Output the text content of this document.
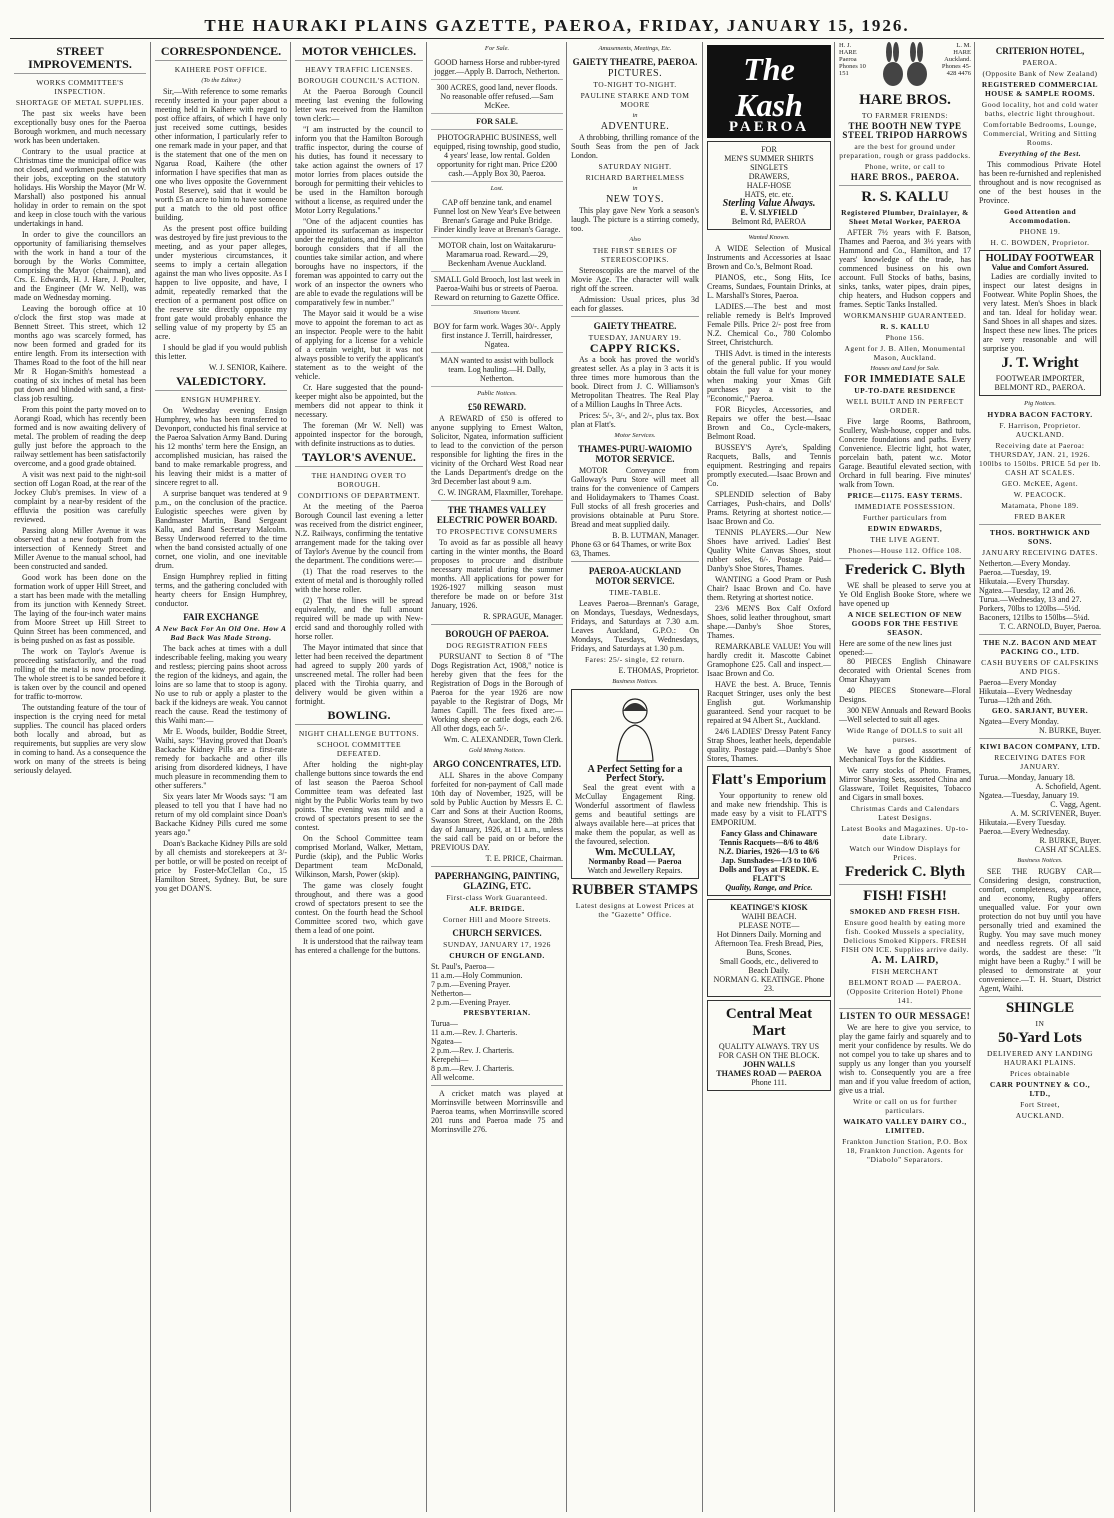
THE HAURAKI PLAINS GAZETTE, PAEROA, FRIDAY, JANUARY 15, 1926.
STREET IMPROVEMENTS.
WORKS COMMITTEE'S INSPECTION.
SHORTAGE OF METAL SUPPLIES.

The past six weeks have been exceptionally busy ones for the Paeroa Borough workmen, and much necessary work has been undertaken.

Contrary to the usual practice at Christmas time the municipal office was not closed, and workmen pushed on with their jobs, excepting on the statutory holidays. His Worship the Mayor (Mr W. Marshall) also postponed his annual holiday in order to remain on the spot and keep in close touch with the various undertakings in hand.

In order to give the councillors an opportunity of familiarising themselves with the work in hand a tour of the borough by the Works Committee, comprising the Mayor (chairman), and Crs. E. Edwards, H. J. Hare, J. Poulter, and the Engineer (Mr W. Nell), was made on Wednesday morning.

Leaving the borough office at 10 o'clock the first stop was made at Bennett Street. This street, which 12 months ago was scarcely formed, has now been formed and graded for its entire length. From its intersection with Thames Road to the foot of the hill near Mr R Hogan-Smith's homestead a coating of six inches of metal has been put down and blinded with sand, a first-class job resulting.

From this point the party moved on to Aorangi Road, which has recently been formed and is now awaiting delivery of metal. The problem of reading the deep gully just before the approach to the railway settlement has been satisfactorily overcome, and a good grade obtained.

A visit was next paid to the night-soil section off Logan Road, at the rear of the Jockey Club's premises. In view of a complaint by a near-by resident of the effluvia the position was carefully reviewed.

Passing along Miller Avenue it was observed that a new footpath from the intersection of Kennedy Street and Miller Avenue to the manual school, had been constructed and sanded.

Good work has been done on the formation work of upper Hill Street, and a start has been made with the metalling from its junction with Kennedy Street. The laying of the four-inch water mains from Moore Street up Hill Street to Quinn Street has been commenced, and is being pushed on as fast as possible.

The work on Taylor's Avenue is proceeding satisfactorily, and the road rolling of the metal is now proceeding. The whole street is to be sanded before it is taken over by the council and opened for traffic to-morrow.

The outstanding feature of the tour of inspection is the crying need for metal supplies. The council has placed orders both locally and abroad, but as requirements, but supplies are very slow in coming to hand. As a consequence the work on many of the streets is being seriously delayed.

CORRESPONDENCE.
KAIHERE POST OFFICE.
(To the Editor.)

Sir,—With reference to some remarks recently inserted in your paper about a meeting held in Kaihere with regard to post office affairs, of which I have only just received some cuttings, besides other information, I particularly refer to one remark made in your paper, and that is the statement that one of the men on Ngarua Road, Kaihere (the other information I have specifies that man as one who lives opposite the Government Postal Reserve), said that it would be worth £5 an acre to him to have someone put a match to the old post office building.

As the present post office building was destroyed by fire just previous to the meeting, and as your paper alleges, under mysterious circumstances, it seems to imply a certain allegation against the man who lives opposite. As I happen to live opposite, and have, I admit, repeatedly remarked that the erection of a permanent post office on the reserve site directly opposite my front gate would probably enhance the selling value of my property by £5 an acre.

I should be glad if you would publish this letter.

W. J. SENIOR, Kaihere.
VALEDICTORY.
ENSIGN HUMPHREY.

On Wednesday evening Ensign Humphrey, who has been transferred to Devonport, conducted his final service at the Paeroa Salvation Army Band. During his 12 months' term here the Ensign, an accomplished musician, has raised the band to make remarkable progress, and his leaving their midst is a matter of sincere regret to all.

A surprise banquet was tendered at 9 p.m., on the conclusion of the practice. Eulogistic speeches were given by Bandmaster Martin, Band Sergeant Kallu, and Band Secretary Malcolm. Bessy Underwood referred to the time when the band consisted actually of one cornet, one violin, and one inevitable drum.

Ensign Humphrey replied in fitting terms, and the gathering concluded with hearty cheers for Ensign Humphrey, conductor.

FAIR EXCHANGE
A New Back For An Old One. How A Bad Back Was Made Strong.

The back aches at times with a dull indescribable feeling, making you weary and restless; piercing pains shoot across the region of the kidneys, and again, the loins are so lame that to stoop is agony. No use to rub or apply a plaster to the back if the kidneys are weak. You cannot reach the cause. Read the testimony of this Waihi man:—

Mr E. Woods, builder, Boddie Street, Waihi, says: "Having proved that Doan's Backache Kidney Pills are a first-rate remedy for backache and other ills arising from disordered kidneys, I have much pleasure in recommending them to other sufferers."

Six years later Mr Woods says: "I am pleased to tell you that I have had no return of my old complaint since Doan's Backache Kidney Pills cured me some years ago."

Doan's Backache Kidney Pills are sold by all chemists and storekeepers at 3/- per bottle, or will be posted on receipt of price by Foster-McClellan Co., 15 Hamilton Street, Sydney. But, be sure you get DOAN'S.

MOTOR VEHICLES.
HEAVY TRAFFIC LICENSES.
BOROUGH COUNCIL'S ACTION.

At the Paeroa Borough Council meeting last evening the following letter was received from the Hamilton town clerk:—

"I am instructed by the council to inform you that the Hamilton Borough traffic inspector, during the course of his duties, has found it necessary to take action against the owners of 17 motor lorries from places outside the borough for permitting their vehicles to be used in the Hamilton borough without a license, as required under the Motor Lorry Regulations."

"One of the adjacent counties has appointed its surfaceman as inspector under the regulations, and the Hamilton borough considers that if all the counties take similar action, and where boroughs have no inspectors, if the foreman was appointed to carry out the work of an inspector the owners who are able to evade the regulations will be comparatively few in number."

The Mayor said it would be a wise move to appoint the foreman to act as an inspector. People were to the habit of applying for a license for a vehicle of a certain weight, but it was not always possible to verify the applicant's statement as to the weight of the vehicle.

Cr. Hare suggested that the pound-keeper might also be appointed, but the members did not appear to think it necessary.

The foreman (Mr W. Nell) was appointed inspector for the borough, with definite instructions as to duties.

TAYLOR'S AVENUE.
THE HANDING OVER TO BOROUGH.
CONDITIONS OF DEPARTMENT.

At the meeting of the Paeroa Borough Council last evening a letter was received from the district engineer, N.Z. Railways, confirming the tentative arrangement made for the taking over of Taylor's Avenue by the council from the department. The conditions were:—

(1) That the road reserves to the extent of metal and is thoroughly rolled with the horse roller.

(2) That the lines will be spread equivalently, and the full amount required will be made up with New-ercid sand and thoroughly rolled with horse roller.

The Mayor intimated that since that letter had been received the department had agreed to supply 200 yards of unscreened metal. The roller had been placed with the Tirohia quarry, and delivery would be given within a fortnight.

BOWLING.
NIGHT CHALLENGE BUTTONS.
SCHOOL COMMITTEE DEFEATED.

After holding the night-play challenge buttons since towards the end of last season the Paeroa School Committee team was defeated last night by the Public Works team by two points. The evening was mild and a crowd of spectators present to see the contest.

On the School Committee team comprised Morland, Walker, Mettam, Purdie (skip), and the Public Works Department team McDonald, Wilkinson, Marsh, Power (skip).

The game was closely fought throughout, and there was a good crowd of spectators present to see the contest. On the fourth head the School Committee scored two, which gave them a lead of one point.

It is understood that the railway team has entered a challenge for the buttons.

For Sale.
GOOD harness Horse and rubber-tyred jogger.—Apply B. Darroch, Netherton.
300 ACRES, good land, never floods. No reasonable offer refused.—Sam McKee.
FOR SALE.
PHOTOGRAPHIC BUSINESS, well equipped, rising township, good studio, 4 years' lease, low rental. Golden opportunity for right man. Price £200 cash.—Apply Box 30, Paeroa.
Lost.
CAP off benzine tank, and enamel Funnel lost on New Year's Eve between Brenan's Garage and Puke Bridge. Finder kindly leave at Brenan's Garage.
MOTOR chain, lost on Waitakaruru-Maramarua road. Reward.—29, Beckenham Avenue Auckland.
SMALL Gold Brooch, lost last week in Paeroa-Waihi bus or streets of Paeroa. Reward on returning to Gazette Office.
Situations Vacant.
BOY for farm work. Wages 30/-. Apply first instance J. Terrill, hairdresser, Ngatea.
MAN wanted to assist with bullock team. Log hauling.—H. Dally, Netherton.
Public Notices.
£50 REWARD.

A REWARD of £50 is offered to anyone supplying to Ernest Walton, Solicitor, Ngatea, information sufficient to lead to the conviction of the person responsible for lighting the fires in the vicinity of the Orchard West Road near the Lands Department's dredge on the 3rd December last about 9 a.m.

C. W. INGRAM, Flaxmiller, Torehape.
THE THAMES VALLEY ELECTRIC POWER BOARD.
TO PROSPECTIVE CONSUMERS

To avoid as far as possible all heavy carting in the winter months, the Board proposes to procure and distribute necessary material during the summer months. All applications for power for 1926-1927 milking season must therefore be made on or before 31st January, 1926.

R. SPRAGUE, Manager.
BOROUGH OF PAEROA.
DOG REGISTRATION FEES

PURSUANT to Section 8 of "The Dogs Registration Act, 1908," notice is hereby given that the fees for the Registration of Dogs in the Borough of Paeroa for the year 1926 are now payable to the Registrar of Dogs, Mr James Capill. The fees fixed are:— Working sheep or cattle dogs, each 2/6. All other dogs, each 5/-.

Wm. C. ALEXANDER, Town Clerk.
Gold Mining Notices.
ARGO CONCENTRATES, LTD.

ALL Shares in the above Company forfeited for non-payment of Call made 10th day of November, 1925, will be sold by Public Auction by Messrs E. C. Carr and Sons at their Auction Rooms, Swanson Street, Auckland, on the 28th day of January, 1926, at 11 a.m., unless the said call be paid on or before the PREVIOUS DAY.

T. E. PRICE, Chairman.
PAPERHANGING, PAINTING, GLAZING, ETC.
First-class Work Guaranteed.
ALF. BRIDGE.
Corner Hill and Moore Streets.
CHURCH SERVICES.
SUNDAY, JANUARY 17, 1926
CHURCH OF ENGLAND.
St. Paul's, Paeroa—
11 a.m.—Holy Communion.
7 p.m.—Evening Prayer.
Netherton—
2 p.m.—Evening Prayer.
PRESBYTERIAN.
Turua—
11 a.m.—Rev. J. Charteris.
Ngatea—
2 p.m.—Rev. J. Charteris.
Kerepehi—
8 p.m.—Rev. J. Charteris.
All welcome.

A cricket match was played at Morrinsville between Morrinsville and Paeroa teams, when Morrinsville scored 201 runs and Paeroa made 75 and Morrinsville 276.

Amusements, Meetings, Etc.
GAIETY THEATRE, PAEROA.
PICTURES.
TO-NIGHT TO-NIGHT.
PAULINE STARKE AND TOM MOORE
in
ADVENTURE.

A throbbing, thrilling romance of the South Seas from the pen of Jack London.

SATURDAY NIGHT.
RICHARD BARTHELMESS
in
NEW TOYS.

This play gave New York a season's laugh. The picture is a stirring comedy, too.

Also
THE FIRST SERIES OF STEREOSCOPIKS.

Stereoscopiks are the marvel of the Movie Age. The character will walk right off the screen.

Admission: Usual prices, plus 3d each for glasses.

GAIETY THEATRE.
TUESDAY, JANUARY 19.
CAPPY RICKS.

As a book has proved the world's greatest seller. As a play in 3 acts it is three times more humorous than the book. Direct from J. C. Williamson's Metropolitan Theatres. The Real Play of a Million Laughs In Three Acts.

Prices: 5/-, 3/-, and 2/-, plus tax. Box plan at Flatt's.

Motor Services.
THAMES-PURU-WAIOMIO MOTOR SERVICE.

MOTOR Conveyance from Galloway's Puru Store will meet all trains for the convenience of Campers and Holidaymakers to Thames Coast. Full stocks of all fresh groceries and provisions obtainable at Puru Store. Bread and meat supplied daily.

B. B. LUTMAN, Manager.
Phone 63 or 64 Thames, or write Box 63, Thames.
PAEROA-AUCKLAND MOTOR SERVICE.
TIME-TABLE.

Leaves Paeroa—Brennan's Garage, on Mondays, Tuesdays, Wednesdays, Fridays, and Saturdays at 7.30 a.m. Leaves Auckland, G.P.O.: On Mondays, Tuesdays, Wednesdays, Fridays, and Saturdays at 1.30 p.m.

Fares: 25/- single, £2 return.
E. THOMAS, Proprietor.
Business Notices.
A Perfect Setting for a Perfect Story.

Seal the great event with a McCullay Engagement Ring. Wonderful assortment of flawless gems and beautiful settings are always available here—at prices that make them the popular, as well as the favoured, selection.

Wm. McCULLAY,
Normanby Road — Paeroa
Watch and Jewellery Repairs.
RUBBER STAMPS
Latest designs at Lowest Prices at the "Gazette" Office.
The Kash
PAEROA
FOR
MEN'S SUMMER SHIRTS
SINGLETS
DRAWERS,
HALF-HOSE
HATS, etc. etc.
Sterling Value Always.
E. V. SLYFIELD
Belmont Rd, PAEROA
Wanted Known.

A WIDE Selection of Musical Instruments and Accessories at Isaac Brown and Co.'s, Belmont Road.

PIANOS, etc., Song Hits, Ice Creams, Sundaes, Fountain Drinks, at L. Marshall's Stores, Paeroa.

LADIES.—The best and most reliable remedy is Belt's Improved Female Pills. Price 2/- post free from N.Z. Chemical Co., 780 Colombo Street, Christchurch.

THIS Advt. is timed in the interests of the general public. If you would obtain the full value for your money when making your Xmas Gift purchases pay a visit to the "Economic," Paeroa.

FOR Bicycles, Accessories, and Repairs we offer the best.—Isaac Brown and Co., Cycle-makers, Belmont Road.

BUSSEY'S Ayre's, Spalding Racquets, Balls, and Tennis equipment. Restringing and repairs promptly executed.—Isaac Brown and Co.

SPLENDID selection of Baby Carriages, Push-chairs, and Dolls' Prams. Retyring at shortest notice.—Isaac Brown and Co.

TENNIS PLAYERS.—Our New Shoes have arrived. Ladies' Best Quality White Canvas Shoes, stout rubber soles, 6/-. Postage Paid—Danby's Shoe Stores, Thames.

WANTING a Good Pram or Push Chair? Isaac Brown and Co. have them. Retyring at shortest notice.

23/6 MEN'S Box Calf Oxford Shoes, solid leather throughout, smart shape.—Danby's Shoe Stores, Thames.

REMARKABLE VALUE! You will hardly credit it. Mascotte Cabinet Gramophone £25. Call and inspect.—Isaac Brown and Co.

HAVE the best. A. Bruce, Tennis Racquet Stringer, uses only the best English gut. Workmanship guaranteed. Send your racquet to be repaired at 94 Albert St., Auckland.

24/6 LADIES' Dressy Patent Fancy Strap Shoes, leather heels, dependable quality. Postage paid.—Danby's Shoe Stores, Thames.

Flatt's Emporium

Your opportunity to renew old and make new friendship. This is made easy by a visit to FLATT'S EMPORIUM.

Fancy Glass and Chinaware
Tennis Racquets—8/6 to 48/6
N.Z. Diaries, 1926—1/3 to 6/6
Jap. Sunshades—1/3 to 10/6
Dolls and Toys at FREDK. E. FLATT'S
Quality, Range, and Price.
KEATINGE'S KIOSK
WAIHI BEACH.
PLEASE NOTE—
Hot Dinners Daily. Morning and Afternoon Tea. Fresh Bread, Pies, Buns, Scones.
Small Goods, etc., delivered to Beach Daily.
NORMAN G. KEATINGE. Phone 23.
Central Meat Mart
QUALITY ALWAYS. TRY US FOR CASH ON THE BLOCK.
JOHN WALLS
THAMES ROAD — PAEROA
Phone 111.
H. J. HARE Paeroa Phones 10 151
L. M. HARE Auckland. Phones 45-428 4476
HARE BROS.
TO FARMER FRIENDS:
THE BOOTH NEW TYPE STEEL TRIPOD HARROWS
are the best for ground under preparation, rough or grass paddocks.
Phone, write, or call to
HARE BROS., PAEROA.
R. S. KALLU
Registered Plumber, Drainlayer, & Sheet Metal Worker, PAEROA

AFTER 7½ years with F. Batson, Thames and Paeroa, and 3½ years with Hammond and Co., Hamilton, and 17 years' knowledge of the trade, has commenced business on his own account. Full Stocks of baths, basins, sinks, tanks, water pipes, drain pipes, chip heaters, and Hudson coppers and frames. Septic Tanks Installed.

WORKMANSHIP GUARANTEED.
R. S. KALLU
Phone 156.
Agent for J. B. Allen, Monumental Mason, Auckland.
Houses and Land for Sale.
FOR IMMEDIATE SALE
UP-TO-DATE RESIDENCE
WELL BUILT AND IN PERFECT ORDER.

Five large Rooms, Bathroom, Scullery, Wash-house, copper and tubs. Concrete foundations and paths. Every Convenience. Electric light, hot water, porcelain bath, patent w.c. Motor Garage. Beautiful elevated section, with Orchard in full bearing. Five minutes' walk from Town.

PRICE—£1175. EASY TERMS.
IMMEDIATE POSSESSION.
Further particulars from
EDWIN EDWARDS,
THE LIVE AGENT.
Phones—House 112. Office 108.
Frederick C. Blyth

WE shall be pleased to serve you at Ye Old English Booke Store, where we have opened up

A NICE SELECTION OF NEW GOODS FOR THE FESTIVE SEASON.
Here are some of the new lines just opened:—

80 PIECES English Chinaware decorated with Oriental Scenes from Omar Khayyam

40 PIECES Stoneware—Floral Designs.

300 NEW Annuals and Reward Books—Well selected to suit all ages.

Wide Range of DOLLS to suit all purses.

We have a good assortment of Mechanical Toys for the Kiddies.

We carry stocks of Photo. Frames, Mirror Shaving Sets, assorted China and Glassware, Toilet Requisites, Tobacco and Cigars in small boxes.

Christmas Cards and Calendars Latest Designs.
Latest Books and Magazines. Up-to-date Library.
Watch our Window Displays for Prices.
Frederick C. Blyth
FISH! FISH!
SMOKED AND FRESH FISH.
Ensure good health by eating more fish. Cooked Mussels a speciality, Delicious Smoked Kippers. FRESH FISH ON ICE. Supplies arrive daily.
A. M. LAIRD,
FISH MERCHANT
BELMONT ROAD — PAEROA. (Opposite Criterion Hotel) Phone 141.
LISTEN TO OUR MESSAGE!

We are here to give you service, to play the game fairly and squarely and to merit your confidence by results. We do not compel you to take up shares and to supply us any longer than you yourself wish to. Consequently you are a free man and if you value freedom of action, give us a trial.

Write or call on us for further particulars.
WAIKATO VALLEY DAIRY CO., LIMITED.
Frankton Junction Station, P.O. Box 18, Frankton Junction. Agents for "Diabolo" Separators.
CRITERION HOTEL,
PAEROA.
(Opposite Bank of New Zealand)
REGISTERED COMMERCIAL HOUSE & SAMPLE ROOMS.
Good locality, hot and cold water baths, electric light throughout.
Comfortable Bedrooms, Lounge, Commercial, Writing and Sitting Rooms.
Everything of the Best.

This commodious Private Hotel has been re-furnished and replenished throughout and is now recognised as one of the best houses in the Province.

Good Attention and Accommodation.
PHONE 19.
H. C. BOWDEN, Proprietor.
HOLIDAY FOOTWEAR
Value and Comfort Assured.

Ladies are cordially invited to inspect our latest designs in Footwear. White Poplin Shoes, the very latest. Men's Shoes in black and tan. Ideal for holiday wear. Sand Shoes in all shapes and sizes. Inspect these new lines. The prices are very reasonable and will surprise you.

J. T. Wright
FOOTWEAR IMPORTER, BELMONT RD., PAEROA.
Pig Notices.
HYDRA BACON FACTORY.
F. Harrison, Proprietor. AUCKLAND.
Receiving date at Paeroa: THURSDAY, JAN. 21, 1926. 100lbs to 150lbs. PRICE 5d per lb. CASH AT SCALES.
GEO. McKEE, Agent.
W. PEACOCK.
Matamata, Phone 189.
FRED BAKER
THOS. BORTHWICK AND SONS.
JANUARY RECEIVING DATES.
Netherton.—Every Monday.
Paeroa.—Tuesday, 19.
Hikutaia.—Every Thursday.
Ngatea.—Tuesday, 12 and 26.
Turua.—Wednesday, 13 and 27.
Porkers, 70lbs to 120lbs—5½d. Baconers, 121lbs to 150lbs—5¼d.
T. C. ARNOLD, Buyer, Paeroa.
THE N.Z. BACON AND MEAT PACKING CO., LTD.
CASH BUYERS OF CALFSKINS AND PIGS.
Paeroa—Every Monday
Hikutaia—Every Wednesday
Turua—12th and 26th.
GEO. SARJANT, BUYER.
Ngatea—Every Monday.
N. BURKE, Buyer.
KIWI BACON COMPANY, LTD.
RECEIVING DATES FOR JANUARY.
Turua.—Monday, January 18.
A. Schofield, Agent.
Ngatea.—Tuesday, January 19.
C. Vagg, Agent.
A. M. SCRIVENER, Buyer.
Hikutaia.—Every Tuesday.
Paeroa.—Every Wednesday.
R. BURKE, Buyer.
CASH AT SCALES.
Business Notices.

SEE THE RUGBY CAR—Considering design, construction, comfort, completeness, appearance, and economy, Rugby offers unequalled value. For your own protection do not buy until you have personally tried and examined the Rugby. You may save much money and needless regrets. Of all said words, the saddest are these: "It might have been a Rugby." I will be pleased to demonstrate at your convenience.—T. H. Stuart, District Agent, Waihi.

SHINGLE
IN
50-Yard Lots
DELIVERED ANY LANDING HAURAKI PLAINS.
Prices obtainable
CARR POUNTNEY & CO., LTD.,
Fort Street,
AUCKLAND.
